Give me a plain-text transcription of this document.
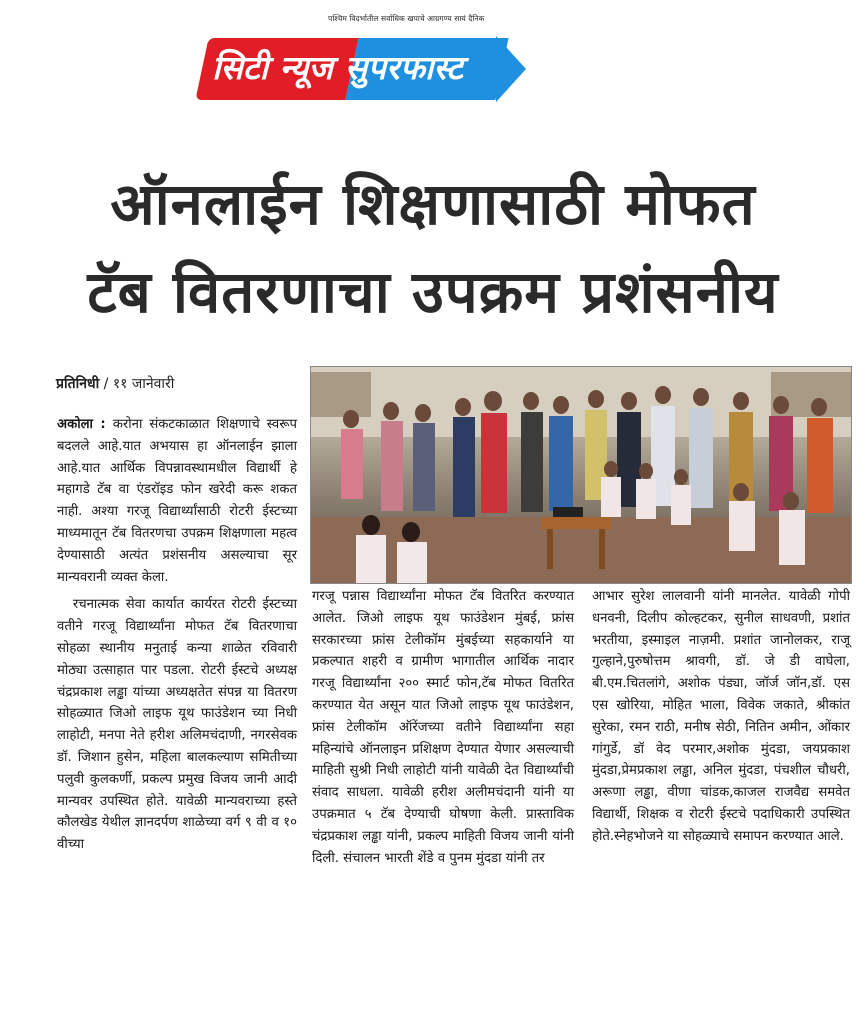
पश्चिम विदर्भातील सर्वाधिक खपाचे आग्रगण्य सायं दैनिक
सिटी न्यूज सुपरफास्ट
ऑनलाईन शिक्षणासाठी मोफत
टॅब वितरणाचा उपक्रम प्रशंसनीय
प्रतिनिधी / ११ जानेवारी

अकोला : करोना संकटकाळात शिक्षणाचे स्वरूप बदलले आहे.यात अभयास हा ऑनलाईन झाला आहे.यात आर्थिक विपन्नावस्थामधील विद्यार्थी हे महागडे टॅब वा एंडरॉइड फोन खरेदी करू शकत नाही. अश्या गरजू विद्यार्थ्यांसाठी रोटरी ईस्टच्या माध्यमातून टॅब वितरणचा उपक्रम शिक्षणाला महत्व देण्यासाठी अत्यंत प्रशंसनीय असल्याचा सूर मान्यवरानी व्यक्त केला.

रचनात्मक सेवा कार्यात कार्यरत रोटरी ईस्टच्या वतीने गरजू विद्यार्थ्यांना मोफत टॅब वितरणाचा सोहळा स्थानीय मनुताई कन्या शाळेत रविवारी मोठ्या उत्साहात पार पडला. रोटरी ईस्टचे अध्यक्ष चंद्रप्रकाश लड्ढा यांच्या अध्यक्षतेत संपन्न या वितरण सोहळ्यात जिओ लाइफ यूथ फाउंडेशन च्या निधी लाहोटी, मनपा नेते हरीश अलिमचंदाणी, नगरसेवक डॉ. जिशान हुसेन, महिला बालकल्याण समितीच्या पलुवी कुलकर्णी, प्रकल्प प्रमुख विजय जानी आदी मान्यवर उपस्थित होते. यावेळी मान्यवराच्या हस्ते कौलखेड येथील ज्ञानदर्पण शाळेच्या वर्ग ९ वी व १० वीच्या

गरजू पन्नास विद्यार्थ्यांना मोफत टॅब वितरित करण्यात आलेत. जिओ लाइफ यूथ फाउंडेशन मुंबई, फ्रांस सरकारच्या फ्रांस टेलीकॉम मुंबईच्या सहकार्याने या प्रकल्पात शहरी व ग्रामीण भागातील आर्थिक नादार गरजू विद्यार्थ्यांना २०० स्मार्ट फोन,टॅब मोफत वितरित करण्यात येत असून यात जिओ लाइफ यूथ फाउंडेशन, फ्रांस टेलीकॉम ऑरेंजच्या वतीने विद्यार्थ्यांना सहा महिन्यांचे ऑनलाइन प्रशिक्षण देण्यात येणार असल्याची माहिती सुश्री निधी लाहोटी यांनी यावेळी देत विद्यार्थ्यांची संवाद साधला. यावेळी हरीश अलीमचंदानी यांनी या उपक्रमात ५ टॅब देण्याची घोषणा केली. प्रास्ताविक चंद्रप्रकाश लड्ढा यांनी, प्रकल्प माहिती विजय जानी यांनी दिली. संचालन भारती शेंडे व पुनम मुंदडा यांनी तर

आभार सुरेश लालवानी यांनी मानलेत. यावेळी गोपी धनवनी, दिलीप कोल्हटकर, सुनील साधवणी, प्रशांत भरतीया, इस्माइल नाज़मी. प्रशांत जानोलकर, राजू गुल्हाने,पुरुषोत्तम श्रावगी, डॉ. जे डी वाघेला, बी.एम.चितलांगे, अशोक पंड्या, जॉर्ज जॉन,डॉ. एस एस खोरिया, मोहित भाला, विवेक जकाते, श्रीकांत सुरेका, रमन राठी, मनीष सेठी, नितिन अमीन, ओंकार गांगुर्डे, डॉ वेद परमार,अशोक मुंदडा, जयप्रकाश मुंदडा,प्रेमप्रकाश लड्ढा, अनिल मुंदडा, पंचशील चौधरी, अरूणा लड्ढा, वीणा चांडक,काजल राजवैद्य समवेत विद्यार्थी, शिक्षक व रोटरी ईस्टचे पदाधिकारी उपस्थित होते.स्नेहभोजने या सोहळ्याचे समापन करण्यात आले.
